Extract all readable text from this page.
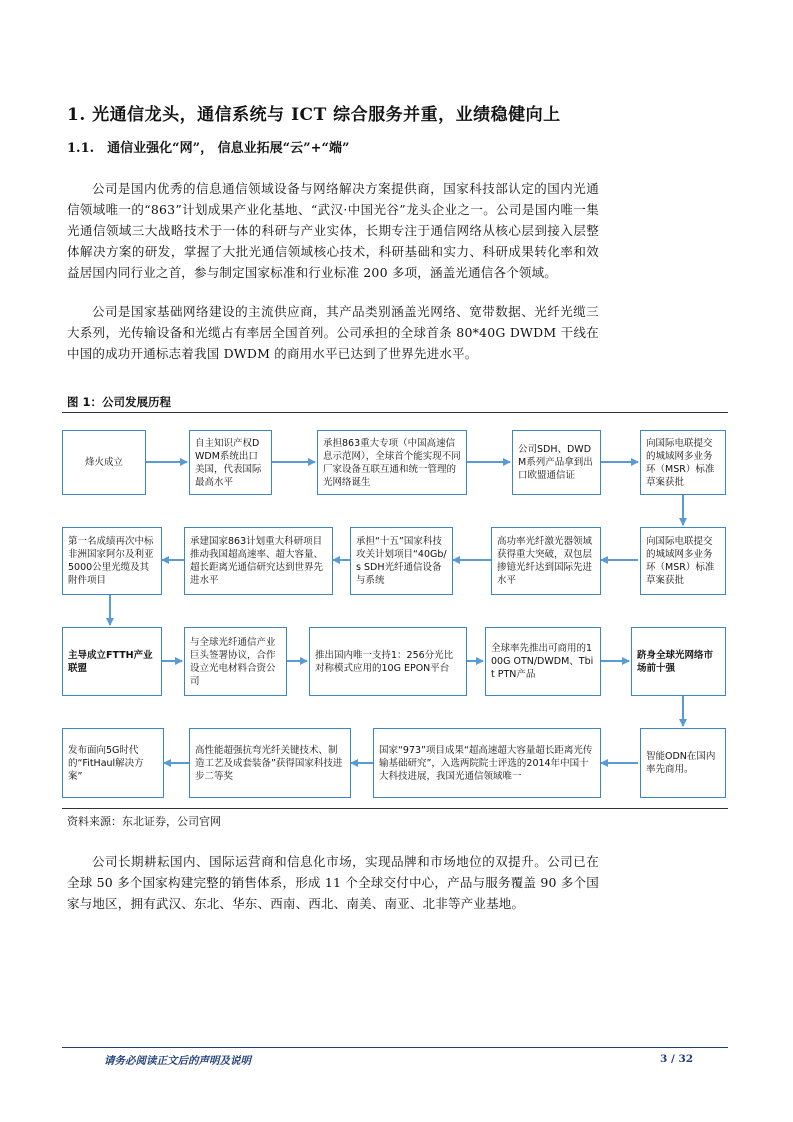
1. 光通信龙头，通信系统与 ICT 综合服务并重，业绩稳健向上
1.1.　通信业强化“网”， 信息业拓展“云”+“端”

公司是国内优秀的信息通信领域设备与网络解决方案提供商，国家科技部认定的国内光通信领域唯一的“863”计划成果产业化基地、“武汉·中国光谷”龙头企业之一。公司是国内唯一集光通信领域三大战略技术于一体的科研与产业实体，长期专注于通信网络从核心层到接入层整体解决方案的研发，掌握了大批光通信领域核心技术，科研基础和实力、科研成果转化率和效益居国内同行业之首，参与制定国家标准和行业标准 200 多项，涵盖光通信各个领域。

公司是国家基础网络建设的主流供应商，其产品类别涵盖光网络、宽带数据、光纤光缆三大系列，光传输设备和光缆占有率居全国首列。公司承担的全球首条 80*40G DWDM 干线在中国的成功开通标志着我国 DWDM 的商用水平已达到了世界先进水平。

图 1：公司发展历程
烽火成立
自主知识产权DWDM系统出口美国，代表国际最高水平
承担863重大专项（中国高速信息示范网），全球首个能实现不同厂家设备互联互通和统一管理的光网络诞生
公司SDH、DWDM系列产品拿到出口欧盟通信证
向国际电联提交的城域网多业务环（MSR）标准草案获批
向国际电联提交的城域网多业务环（MSR）标准草案获批
高功率光纤激光器领域获得重大突破，双包层掺镱光纤达到国际先进水平
承担“十五”国家科技攻关计划项目“40Gb/s SDH光纤通信设备与系统
承建国家863计划重大科研项目推动我国超高速率、超大容量、超长距离光通信研究达到世界先进水平
第一名成绩再次中标非洲国家阿尔及利亚5000公里光缆及其附件项目
主导成立FTTH产业联盟
与全球光纤通信产业巨头签署协议，合作设立光电材料合资公司
推出国内唯一支持1：256分光比对称模式应用的10G EPON平台
全球率先推出可商用的100G OTN/DWDM、Tbit PTN产品
跻身全球光网络市场前十强
智能ODN在国内率先商用。
国家“973”项目成果“超高速超大容量超长距离光传输基础研究”，入选两院院士评选的2014年中国十大科技进展，我国光通信领域唯一
高性能超强抗弯光纤关键技术、制造工艺及成套装备”获得国家科技进步二等奖
发布面向5G时代的“FitHaul解决方案”
资料来源：东北证券，公司官网

公司长期耕耘国内、国际运营商和信息化市场，实现品牌和市场地位的双提升。公司已在全球 50 多个国家构建完整的销售体系，形成 11 个全球交付中心，产品与服务覆盖 90 多个国家与地区，拥有武汉、东北、华东、西南、西北、南美、南亚、北非等产业基地。

请务必阅读正文后的声明及说明	3 / 32
